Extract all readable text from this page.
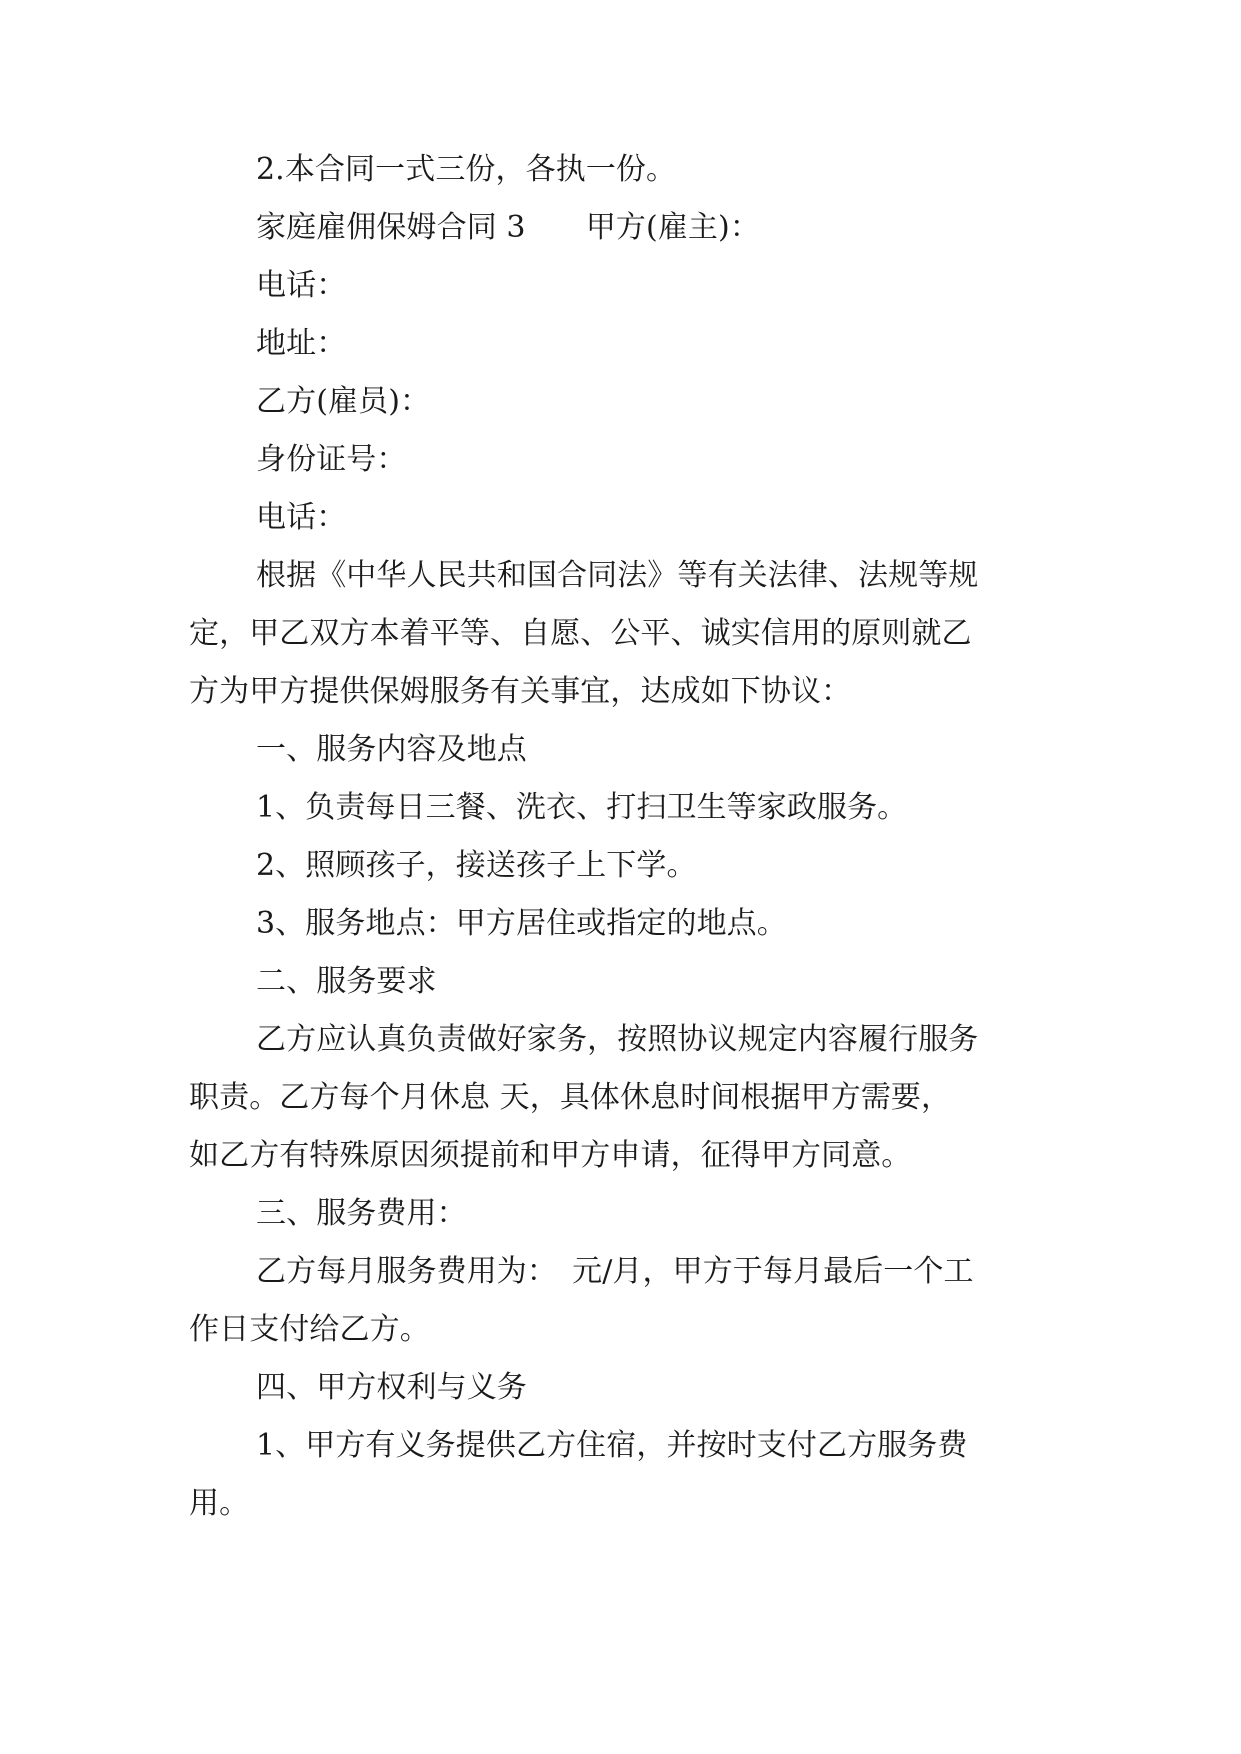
2.本合同一式三份，各执一份。
家庭雇佣保姆合同 3　　甲方(雇主)：
电话：
地址：
乙方(雇员)：
身份证号：
电话：
根据《中华人民共和国合同法》等有关法律、法规等规
定，甲乙双方本着平等、自愿、公平、诚实信用的原则就乙
方为甲方提供保姆服务有关事宜，达成如下协议：
一、服务内容及地点
1、负责每日三餐、洗衣、打扫卫生等家政服务。
2、照顾孩子，接送孩子上下学。
3、服务地点：甲方居住或指定的地点。
二、服务要求
乙方应认真负责做好家务，按照协议规定内容履行服务
职责。乙方每个月休息 天，具体休息时间根据甲方需要，
如乙方有特殊原因须提前和甲方申请，征得甲方同意。
三、服务费用：
乙方每月服务费用为：　元/月，甲方于每月最后一个工
作日支付给乙方。
四、甲方权利与义务
1、甲方有义务提供乙方住宿，并按时支付乙方服务费
用。
